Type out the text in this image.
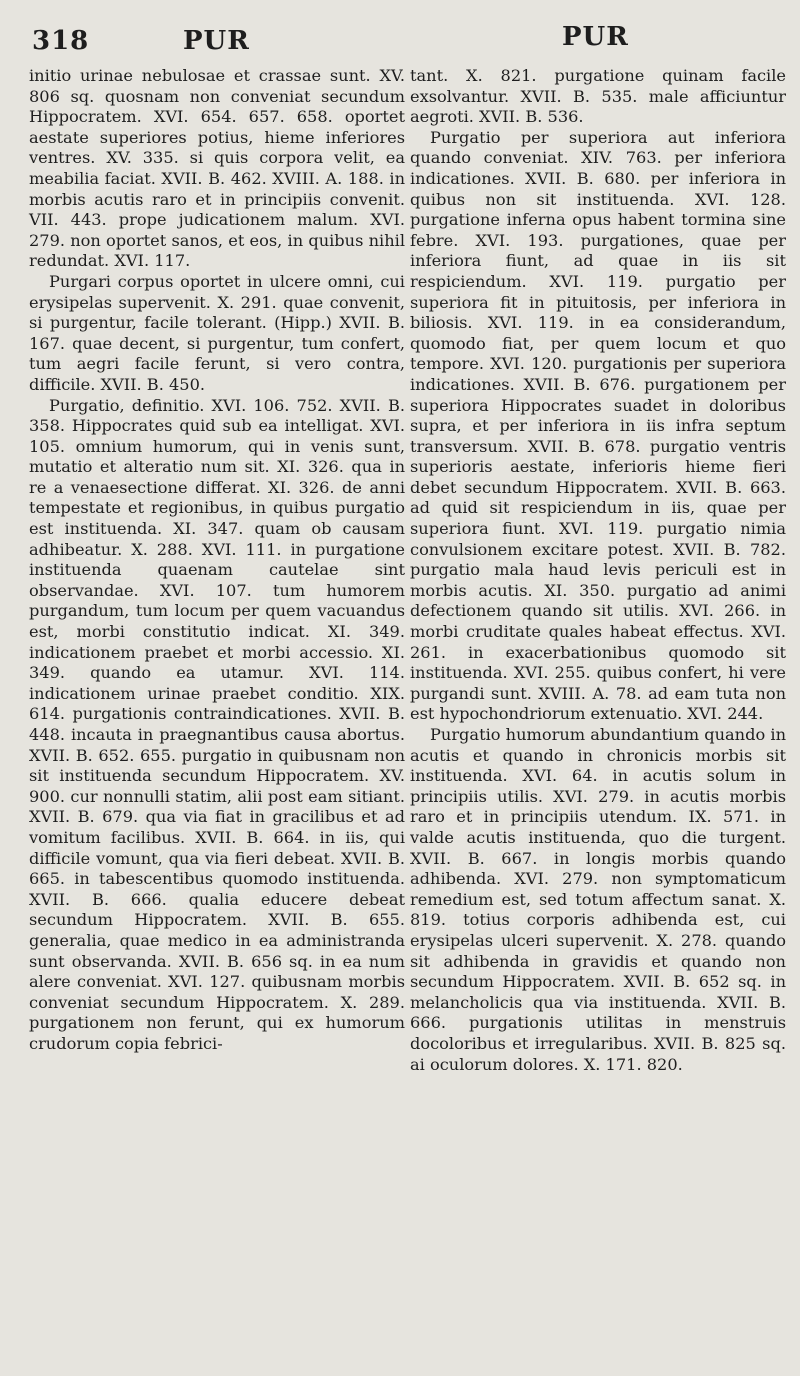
318	PUR	PUR

initio urinae nebulosae et crassae sunt. XV. 806 sq. quosnam non conveniat secundum Hippocratem. XVI. 654. 657. 658. oportet aestate superiores potius, hieme inferiores ventres. XV. 335. si quis corpora velit, ea meabilia faciat. XVII. B. 462. XVIII. A. 188. in morbis acutis raro et in principiis convenit. VII. 443. prope judicationem malum. XVI. 279. non oportet sanos, et eos, in quibus nihil redundat. XVI. 117.

Purgari corpus oportet in ulcere omni, cui erysipelas supervenit. X. 291. quae convenit, si purgentur, facile tolerant. (Hipp.) XVII. B. 167. quae decent, si purgentur, tum confert, tum aegri facile ferunt, si vero contra, difficile. XVII. B. 450.

Purgatio, definitio. XVI. 106. 752. XVII. B. 358. Hippocrates quid sub ea intelligat. XVI. 105. omnium humorum, qui in venis sunt, mutatio et alteratio num sit. XI. 326. qua in re a venaesectione differat. XI. 326. de anni tempestate et regionibus, in quibus purgatio est instituenda. XI. 347. quam ob causam adhibeatur. X. 288. XVI. 111. in purgatione instituenda quaenam cautelae sint observandae. XVI. 107. tum humorem purgandum, tum locum per quem vacuandus est, morbi constitutio indicat. XI. 349. indicationem praebet et morbi accessio. XI. 349. quando ea utamur. XVI. 114. indicationem urinae praebet conditio. XIX. 614. purgationis contraindicationes. XVII. B. 448. incauta in praegnantibus causa abortus. XVII. B. 652. 655. purgatio in quibusnam non sit instituenda secundum Hippocratem. XV. 900. cur nonnulli statim, alii post eam sitiant. XVII. B. 679. qua via fiat in gracilibus et ad vomitum facilibus. XVII. B. 664. in iis, qui difficile vomunt, qua via fieri debeat. XVII. B. 665. in tabescentibus quomodo instituenda. XVII. B. 666. qualia educere debeat secundum Hippocratem. XVII. B. 655. generalia, quae medico in ea administranda sunt observanda. XVII. B. 656 sq. in ea num alere conveniat. XVI. 127. quibusnam morbis conveniat secundum Hippocratem. X. 289. purgationem non ferunt, qui ex humorum crudorum copia febrici-

tant. X. 821. purgatione quinam facile exsolvantur. XVII. B. 535. male afficiuntur aegroti. XVII. B. 536.

Purgatio per superiora aut inferiora quando conveniat. XIV. 763. per inferiora indicationes. XVII. B. 680. per inferiora in quibus non sit instituenda. XVI. 128. purgatione inferna opus habent tormina sine febre. XVI. 193. purgationes, quae per inferiora fiunt, ad quae in iis sit respiciendum. XVI. 119. purgatio per superiora fit in pituitosis, per inferiora in biliosis. XVI. 119. in ea considerandum, quomodo fiat, per quem locum et quo tempore. XVI. 120. purgationis per superiora indicationes. XVII. B. 676. purgationem per superiora Hippocrates suadet in doloribus supra, et per inferiora in iis infra septum transversum. XVII. B. 678. purgatio ventris superioris aestate, inferioris hieme fieri debet secundum Hippocratem. XVII. B. 663. ad quid sit respiciendum in iis, quae per superiora fiunt. XVI. 119. purgatio nimia convulsionem excitare potest. XVII. B. 782. purgatio mala haud levis periculi est in morbis acutis. XI. 350. purgatio ad animi defectionem quando sit utilis. XVI. 266. in morbi cruditate quales habeat effectus. XVI. 261. in exacerbationibus quomodo sit instituenda. XVI. 255. quibus confert, hi vere purgandi sunt. XVIII. A. 78. ad eam tuta non est hypochondriorum extenuatio. XVI. 244.

Purgatio humorum abundantium quando in acutis et quando in chronicis morbis sit instituenda. XVI. 64. in acutis solum in principiis utilis. XVI. 279. in acutis morbis raro et in principiis utendum. IX. 571. in valde acutis instituenda, quo die turgent. XVII. B. 667. in longis morbis quando adhibenda. XVI. 279. non symptomaticum remedium est, sed totum affectum sanat. X. 819. totius corporis adhibenda est, cui erysipelas ulceri supervenit. X. 278. quando sit adhibenda in gravidis et quando non secundum Hippocratem. XVII. B. 652 sq. in melancholicis qua via instituenda. XVII. B. 666. purgationis utilitas in menstruis docoloribus et irregularibus. XVII. B. 825 sq. ai oculorum dolores. X. 171. 820.
